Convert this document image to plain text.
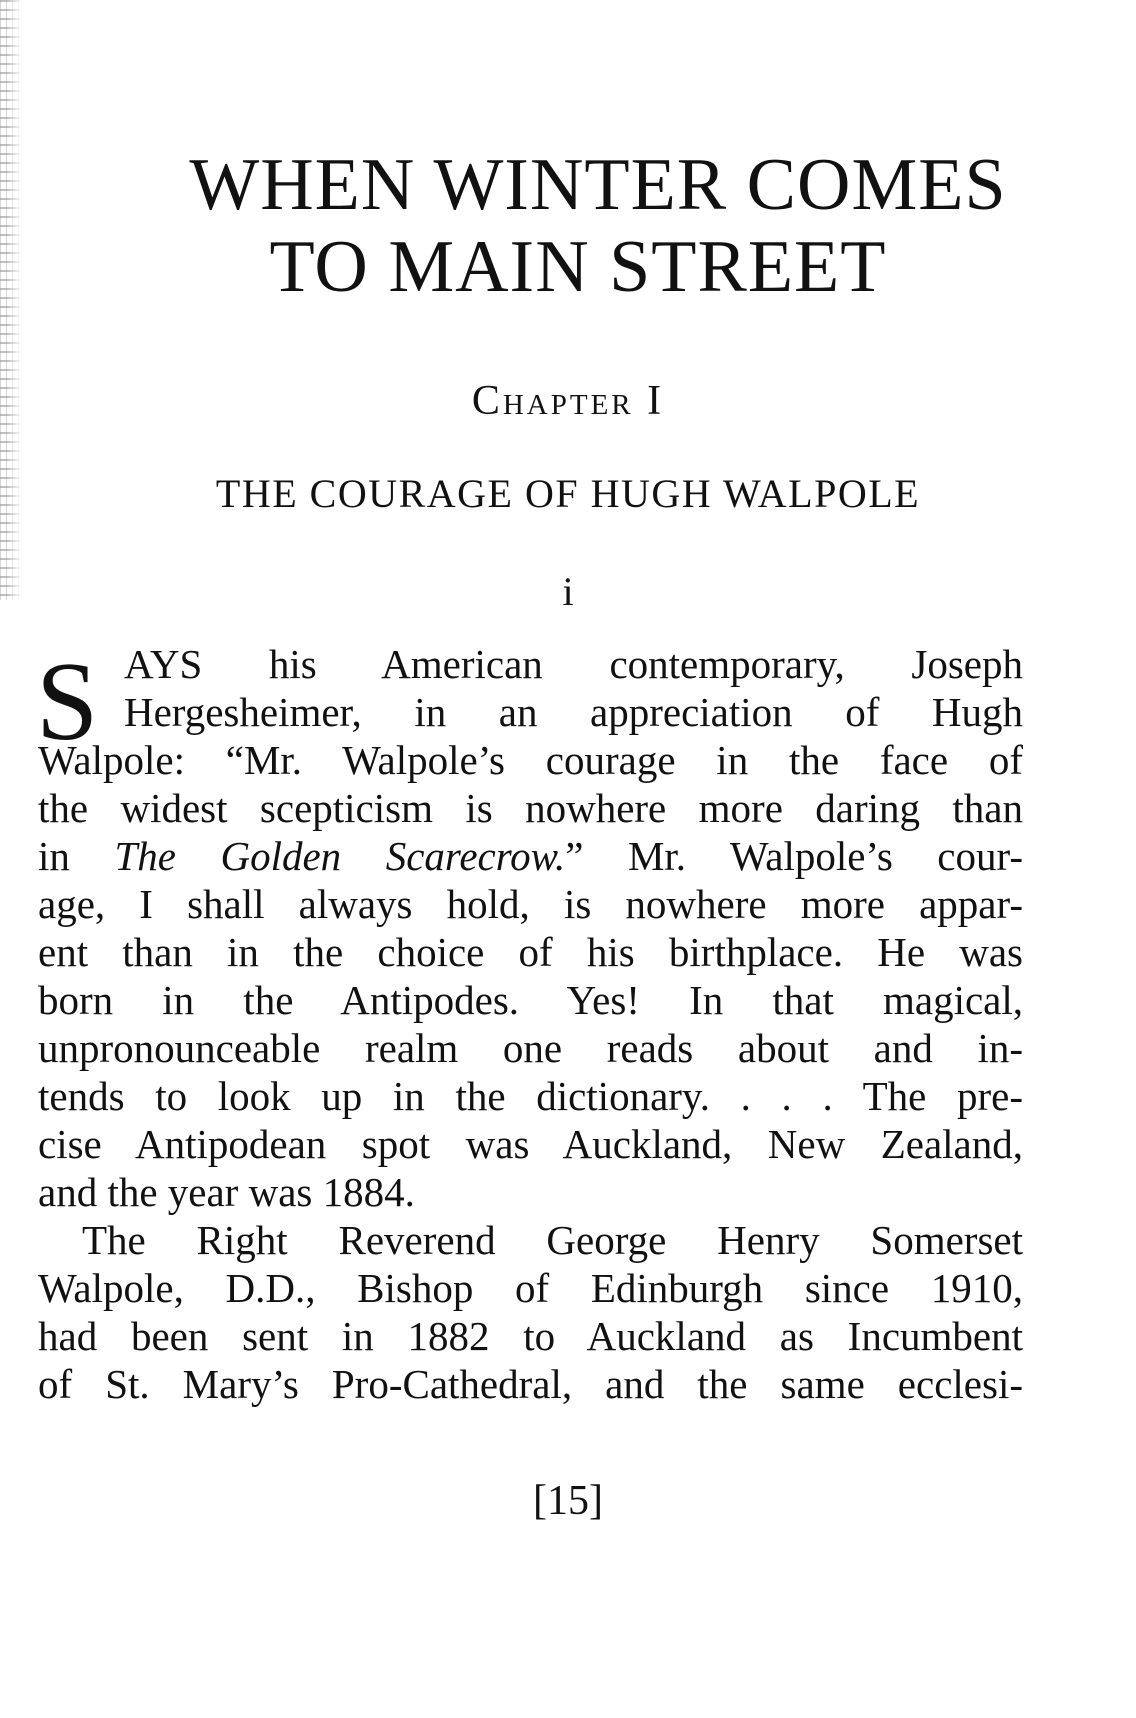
WHEN WINTER COMES
TO MAIN STREET
Chapter I
THE COURAGE OF HUGH WALPOLE
i
S AYS his American contemporary, Joseph
Hergesheimer, in an appreciation of Hugh
Walpole: “Mr. Walpole’s courage in the face of
the widest scepticism is nowhere more daring than
in The Golden Scarecrow.” Mr. Walpole’s cour-
age, I shall always hold, is nowhere more appar-
ent than in the choice of his birthplace. He was
born in the Antipodes. Yes! In that magical,
unpronounceable realm one reads about and in-
tends to look up in the dictionary. . . . The pre-
cise Antipodean spot was Auckland, New Zealand,
and the year was 1884.
The Right Reverend George Henry Somerset
Walpole, D.D., Bishop of Edinburgh since 1910,
had been sent in 1882 to Auckland as Incumbent
of St. Mary’s Pro-Cathedral, and the same ecclesi-
[15]
